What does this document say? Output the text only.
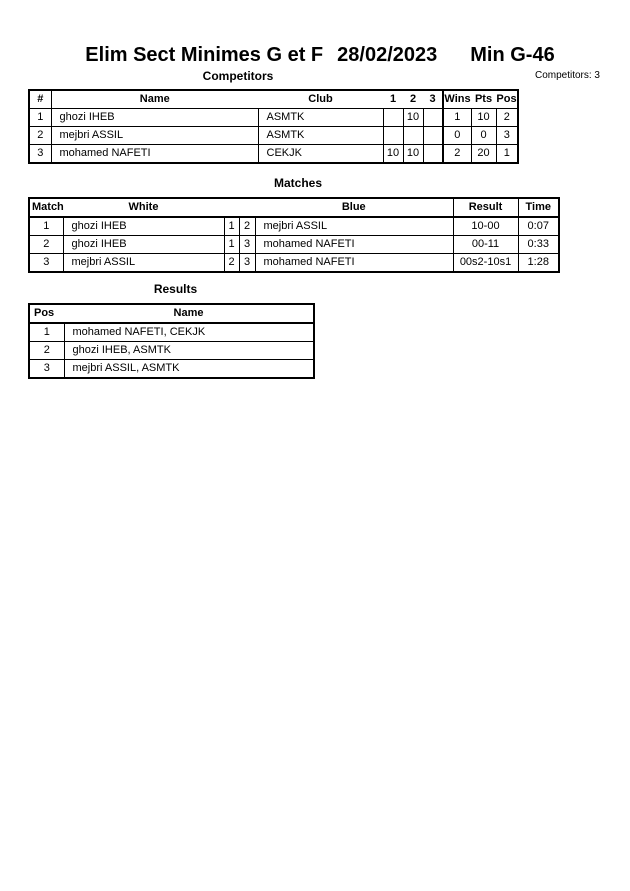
Elim Sect Minimes G et F 28/02/2023 Min G-46
Competitors	Competitors: 3
#	Name	Club	1	2	3	Wins	Pts	Pos
1	ghozi IHEB	ASMTK		10		1	10	2
2	mejbri ASSIL	ASMTK				0	0	3
3	mohamed NAFETI	CEKJK	10	10		2	20	1
Matches
Match	White			Blue	Result	Time
1	ghozi IHEB	1	2	mejbri ASSIL	10-00	0:07
2	ghozi IHEB	1	3	mohamed NAFETI	00-11	0:33
3	mejbri ASSIL	2	3	mohamed NAFETI	00s2-10s1	1:28
Results
Pos	Name
1	mohamed NAFETI, CEKJK
2	ghozi IHEB, ASMTK
3	mejbri ASSIL, ASMTK
